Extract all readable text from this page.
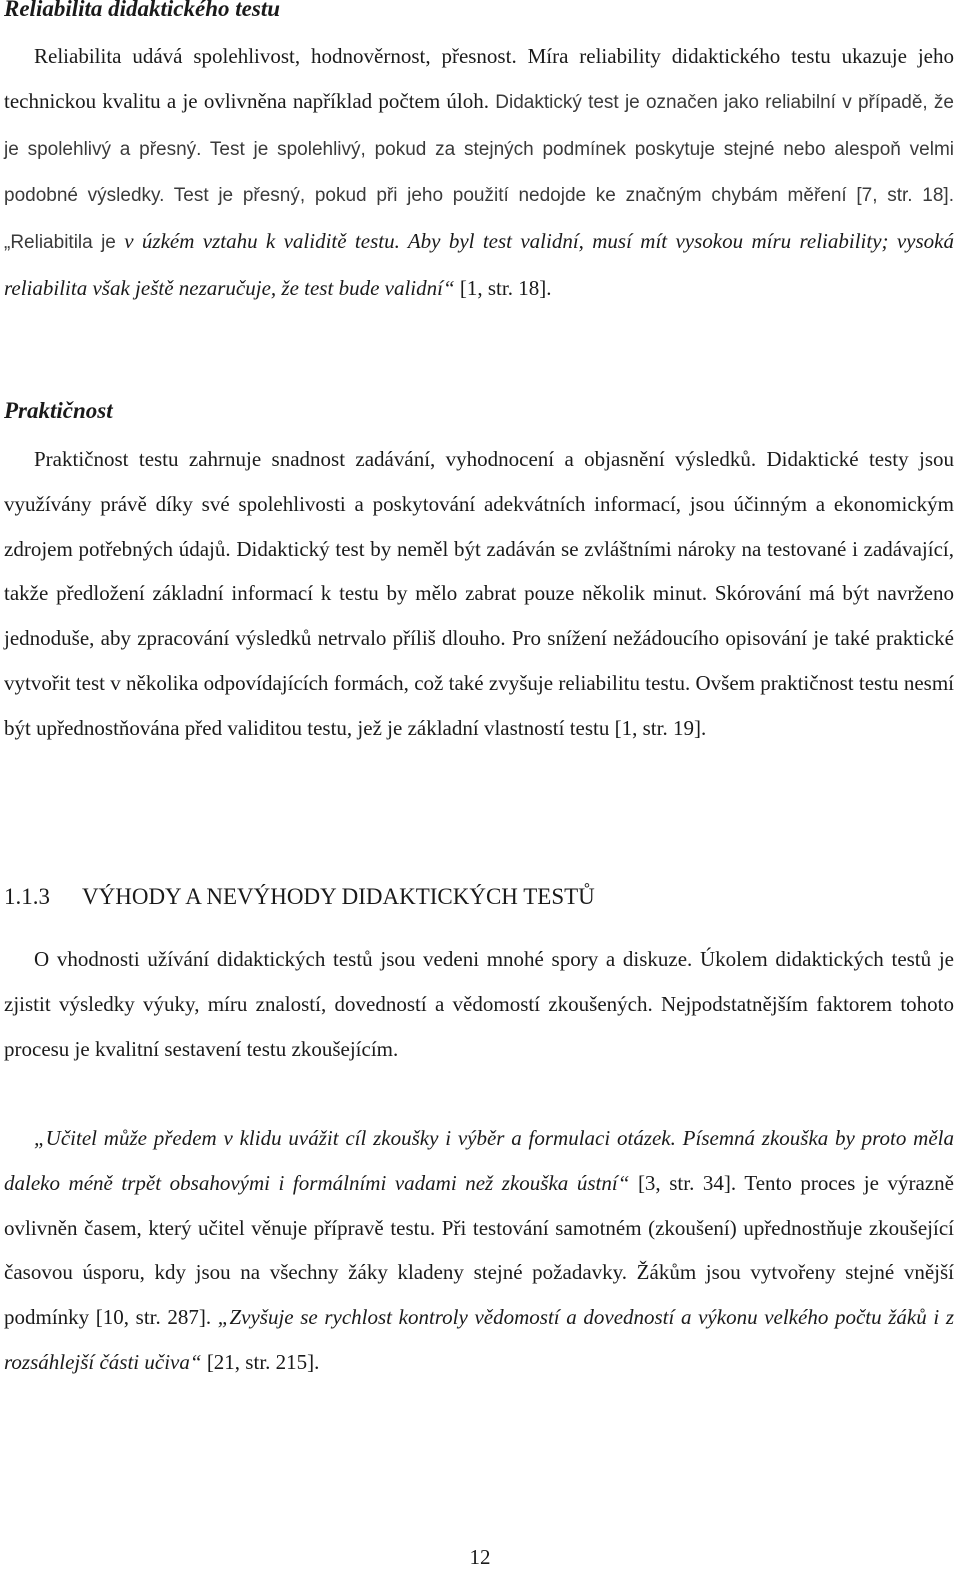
Reliabilita didaktického testu

Reliabilita udává spolehlivost, hodnověrnost, přesnost. Míra reliability didaktického testu ukazuje jeho technickou kvalitu a je ovlivněna například počtem úloh. Didaktický test je označen jako reliabilní v případě, že je spolehlivý a přesný. Test je spolehlivý, pokud za stejných podmínek poskytuje stejné nebo alespoň velmi podobné výsledky. Test je přesný, pokud při jeho použití nedojde ke značným chybám měření [7, str. 18]. „Reliabitila je v úzkém vztahu k validitě testu. Aby byl test validní, musí mít vysokou míru reliability; vysoká reliabilita však ještě nezaručuje, že test bude validní“ [1, str. 18].

Praktičnost

Praktičnost testu zahrnuje snadnost zadávání, vyhodnocení a objasnění výsledků. Didaktické testy jsou využívány právě díky své spolehlivosti a poskytování adekvátních informací, jsou účinným a ekonomickým zdrojem potřebných údajů. Didaktický test by neměl být zadáván se zvláštními nároky na testované i zadávající, takže předložení základní informací k testu by mělo zabrat pouze několik minut. Skórování má být navrženo jednoduše, aby zpracování výsledků netrvalo příliš dlouho. Pro snížení nežádoucího opisování je také praktické vytvořit test v několika odpovídajících formách, což také zvyšuje reliabilitu testu. Ovšem praktičnost testu nesmí být upřednostňována před validitou testu, jež je základní vlastností testu [1, str. 19].

1.1.3 VÝHODY A NEVÝHODY DIDAKTICKÝCH TESTŮ

O vhodnosti užívání didaktických testů jsou vedeni mnohé spory a diskuze. Úkolem didaktických testů je zjistit výsledky výuky, míru znalostí, dovedností a vědomostí zkoušených. Nejpodstatnějším faktorem tohoto procesu je kvalitní sestavení testu zkoušejícím.

„Učitel může předem v klidu uvážit cíl zkoušky i výběr a formulaci otázek. Písemná zkouška by proto měla daleko méně trpět obsahovými i formálními vadami než zkouška ústní“ [3, str. 34]. Tento proces je výrazně ovlivněn časem, který učitel věnuje přípravě testu. Při testování samotném (zkoušení) upřednostňuje zkoušející časovou úsporu, kdy jsou na všechny žáky kladeny stejné požadavky. Žákům jsou vytvořeny stejné vnější podmínky [10, str. 287]. „Zvyšuje se rychlost kontroly vědomostí a dovedností a výkonu velkého počtu žáků i z rozsáhlejší části učiva“ [21, str. 215].

12
